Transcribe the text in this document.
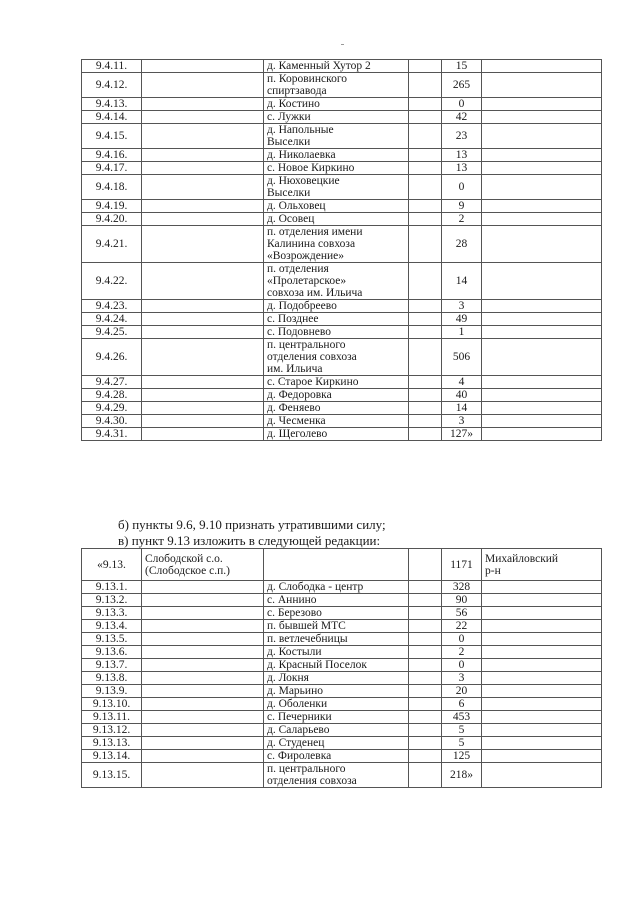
9.4.11.		д. Каменный Хутор 2		15	
9.4.12.		п. Коровинского
спиртзавода		265	
9.4.13.		д. Костино		0	
9.4.14.		с. Лужки		42	
9.4.15.		д. Напольные
Выселки		23	
9.4.16.		д. Николаевка		13	
9.4.17.		с. Новое Киркино		13	
9.4.18.		д. Нюховецкие
Выселки		0	
9.4.19.		д. Ольховец		9	
9.4.20.		д. Осовец		2	
9.4.21.		п. отделения имени
Калинина совхоза
«Возрождение»		28	
9.4.22.		п. отделения
«Пролетарское»
совхоза им. Ильича		14	
9.4.23.		д. Подобреево		3	
9.4.24.		с. Позднее		49	
9.4.25.		с. Подовнево		1	
9.4.26.		п. центрального
отделения совхоза
им. Ильича		506	
9.4.27.		с. Старое Киркино		4	
9.4.28.		д. Федоровка		40	
9.4.29.		д. Феняево		14	
9.4.30.		д. Чесменка		3	
9.4.31.		д. Щеголево		127»	
б) пункты 9.6, 9.10 признать утратившими силу;
в) пункт 9.13 изложить в следующей редакции:
«9.13.	Слободской с.о.
(Слободское с.п.)			1171	Михайловский
р-н

9.13.1.		д. Слободка - центр		328	
9.13.2.		с. Аннино		90	
9.13.3.		с. Березово		56	
9.13.4.		п. бывшей МТС		22	
9.13.5.		п. ветлечебницы		0	
9.13.6.		д. Костыли		2	
9.13.7.		д. Красный Поселок		0	
9.13.8.		д. Локня		3	
9.13.9.		д. Марьино		20	
9.13.10.		д. Оболенки		6	
9.13.11.		с. Печерники		453	
9.13.12.		д. Саларьево		5	
9.13.13.		д. Студенец		5	
9.13.14.		с. Фиролевка		125	
9.13.15.		п. центрального
отделения совхоза		218»	
